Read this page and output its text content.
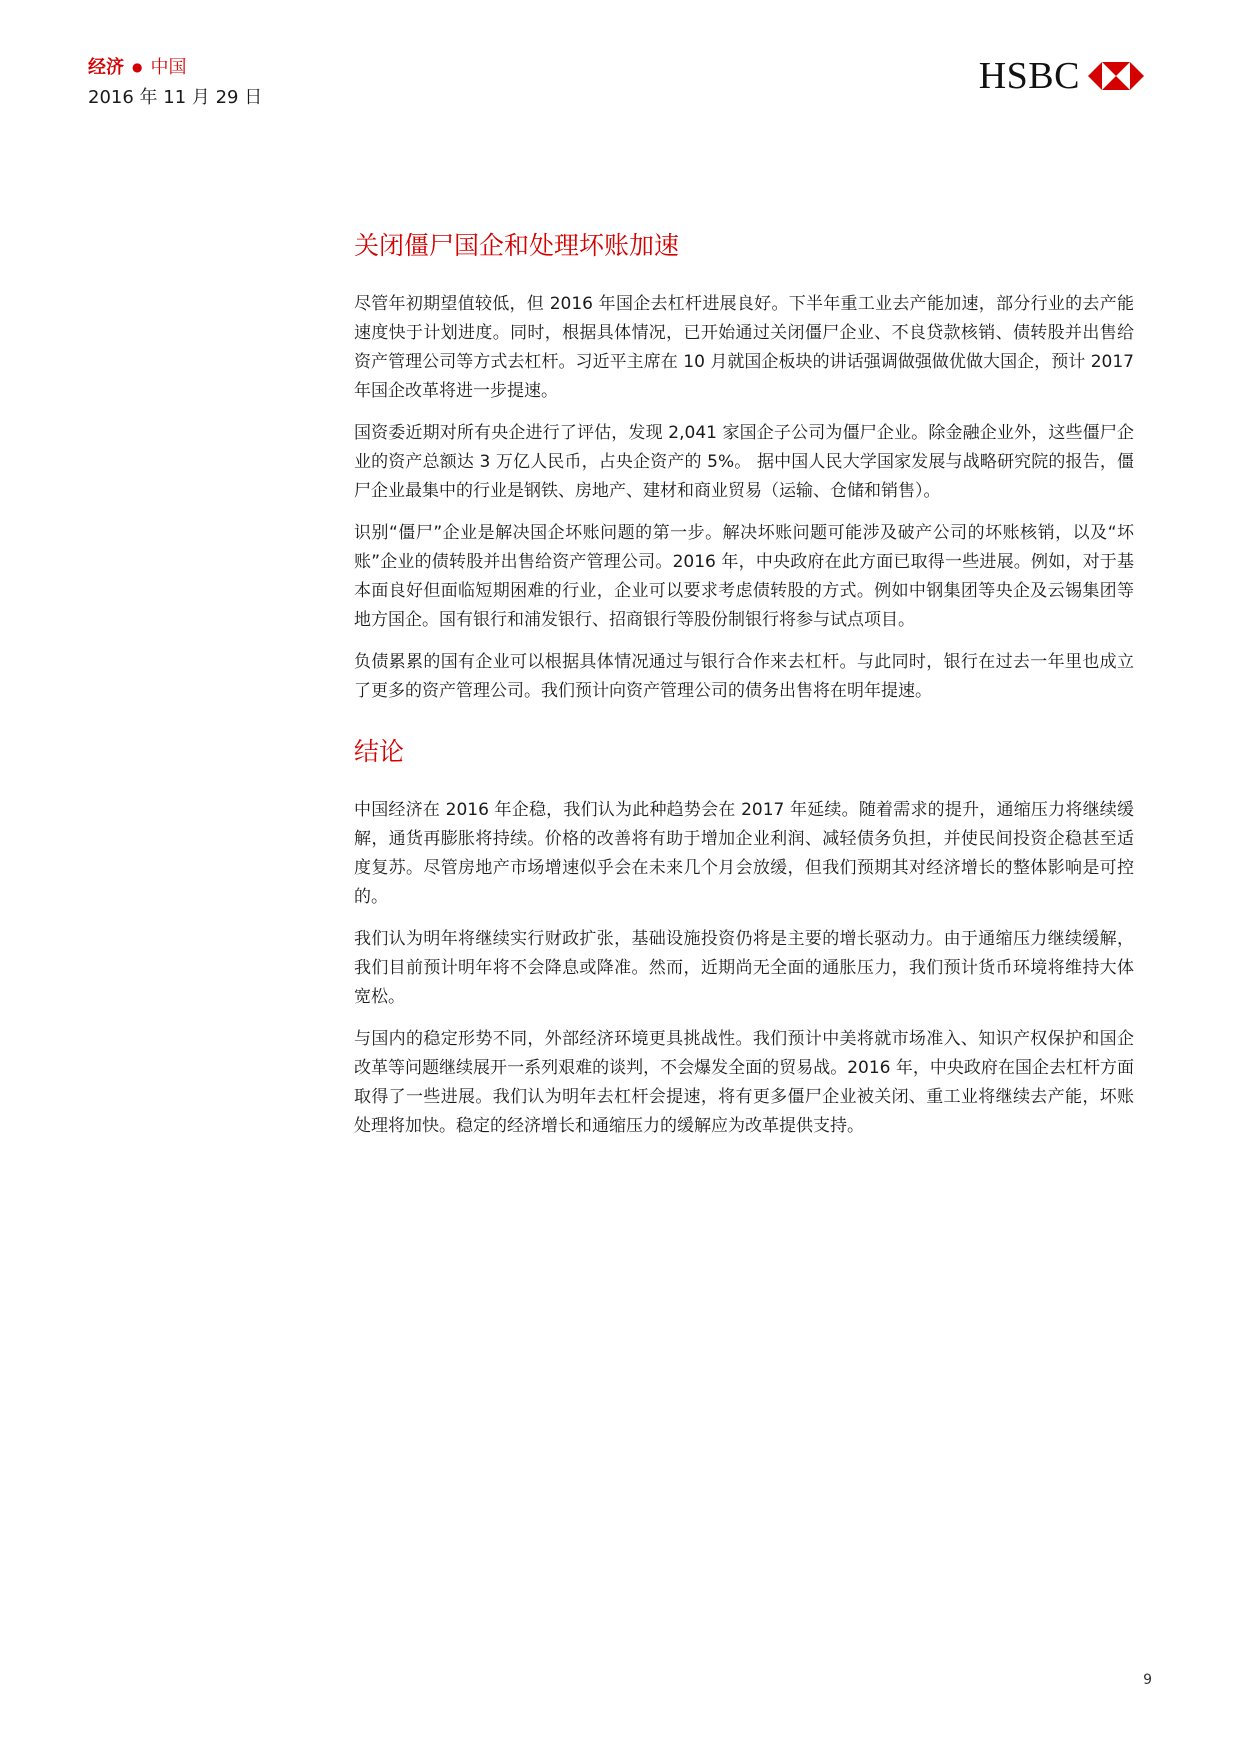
经济 ● 中国
2016 年 11 月 29 日
HSBC
关闭僵尸国企和处理坏账加速

尽管年初期望值较低，但 2016 年国企去杠杆进展良好。下半年重工业去产能加速，部分行业的去产能速度快于计划进度。同时，根据具体情况，已开始通过关闭僵尸企业、不良贷款核销、债转股并出售给资产管理公司等方式去杠杆。习近平主席在 10 月就国企板块的讲话强调做强做优做大国企，预计 2017 年国企改革将进一步提速。

国资委近期对所有央企进行了评估，发现 2,041 家国企子公司为僵尸企业。除金融企业外，这些僵尸企业的资产总额达 3 万亿人民币，占央企资产的 5%。 据中国人民大学国家发展与战略研究院的报告，僵尸企业最集中的行业是钢铁、房地产、建材和商业贸易（运输、仓储和销售）。

识别“僵尸”企业是解决国企坏账问题的第一步。解决坏账问题可能涉及破产公司的坏账核销，以及“坏账”企业的债转股并出售给资产管理公司。2016 年，中央政府在此方面已取得一些进展。例如，对于基本面良好但面临短期困难的行业，企业可以要求考虑债转股的方式。例如中钢集团等央企及云锡集团等地方国企。国有银行和浦发银行、招商银行等股份制银行将参与试点项目。

负债累累的国有企业可以根据具体情况通过与银行合作来去杠杆。与此同时，银行在过去一年里也成立了更多的资产管理公司。我们预计向资产管理公司的债务出售将在明年提速。

结论

中国经济在 2016 年企稳，我们认为此种趋势会在 2017 年延续。随着需求的提升，通缩压力将继续缓解，通货再膨胀将持续。价格的改善将有助于增加企业利润、减轻债务负担，并使民间投资企稳甚至适度复苏。尽管房地产市场增速似乎会在未来几个月会放缓，但我们预期其对经济增长的整体影响是可控的。

我们认为明年将继续实行财政扩张，基础设施投资仍将是主要的增长驱动力。由于通缩压力继续缓解，我们目前预计明年将不会降息或降准。然而，近期尚无全面的通胀压力，我们预计货币环境将维持大体宽松。

与国内的稳定形势不同，外部经济环境更具挑战性。我们预计中美将就市场准入、知识产权保护和国企改革等问题继续展开一系列艰难的谈判，不会爆发全面的贸易战。2016 年，中央政府在国企去杠杆方面取得了一些进展。我们认为明年去杠杆会提速，将有更多僵尸企业被关闭、重工业将继续去产能，坏账处理将加快。稳定的经济增长和通缩压力的缓解应为改革提供支持。

9
